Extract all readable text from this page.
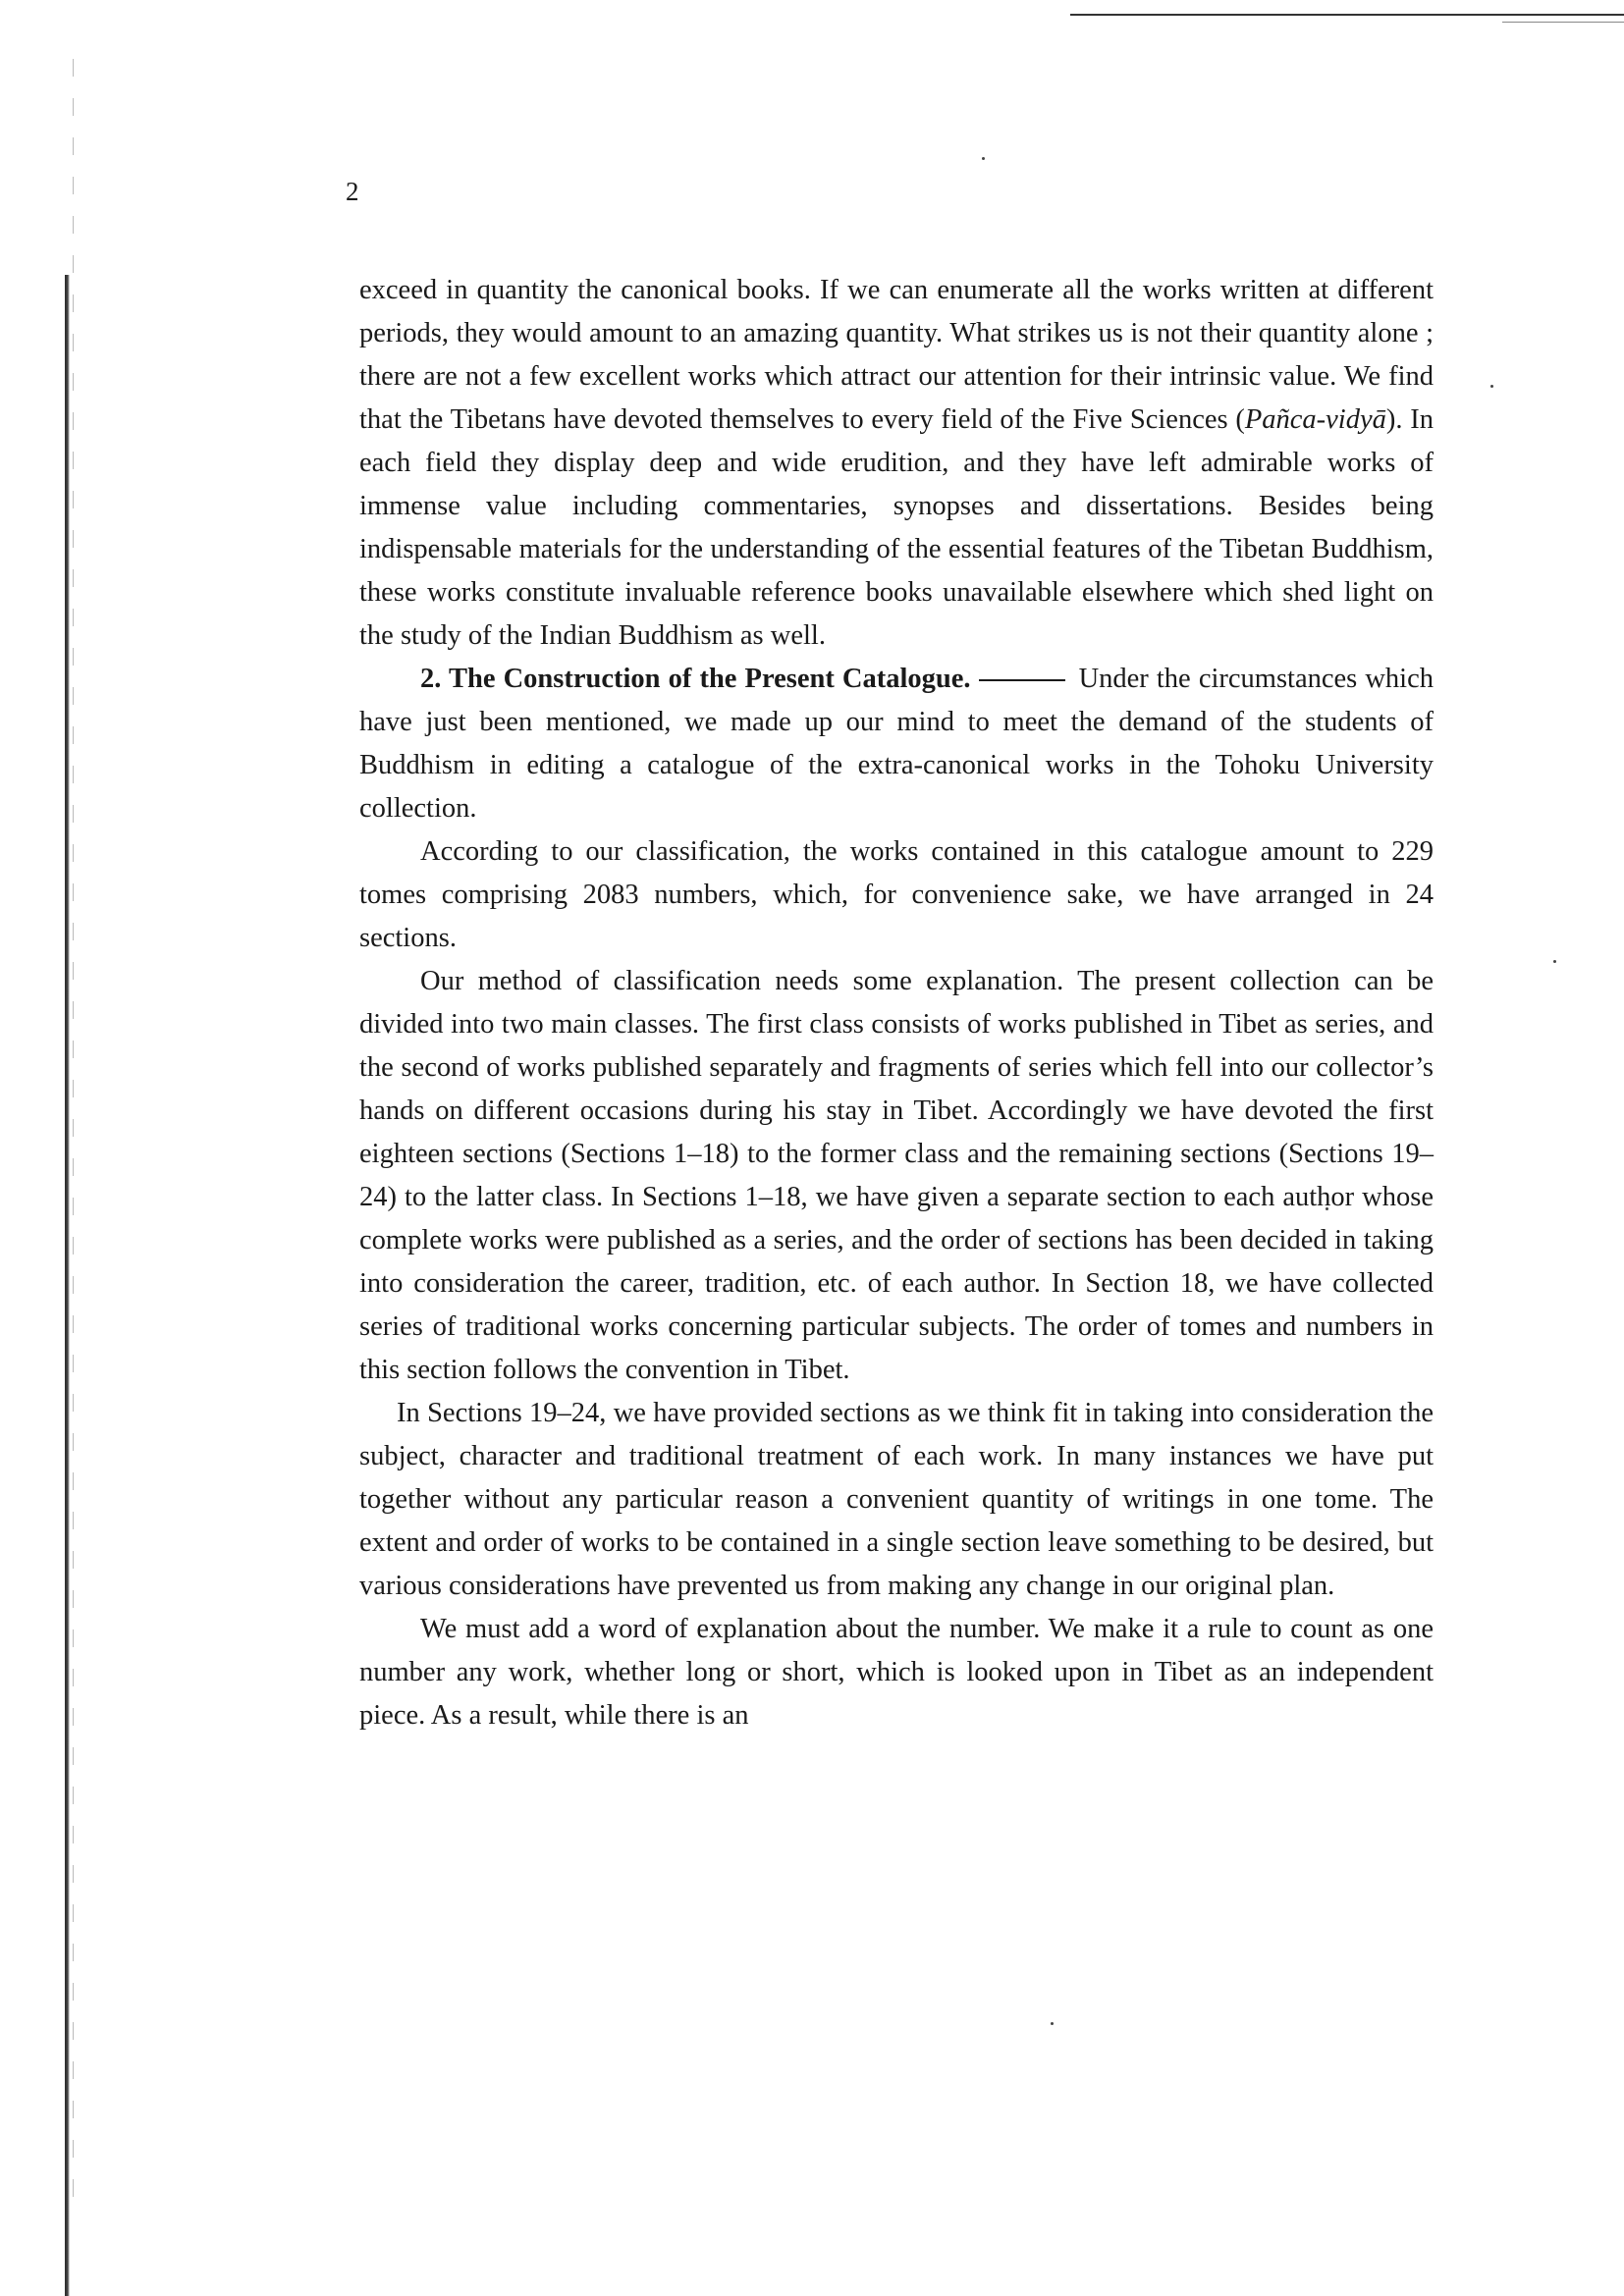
2

exceed in quantity the canonical books. If we can enumerate all the works written at different periods, they would amount to an amazing quantity. What strikes us is not their quantity alone ; there are not a few excellent works which attract our attention for their intrinsic value. We find that the Tibetans have devoted themselves to every field of the Five Sciences (Pañca-vidyā). In each field they display deep and wide erudition, and they have left admirable works of immense value including commentaries, synopses and dissertations. Besides being indispensable materials for the understanding of the essential features of the Tibetan Buddhism, these works constitute invaluable reference books unavailable elsewhere which shed light on the study of the Indian Buddhism as well.

2. The Construction of the Present Catalogue.	Under the circumstances which have just been mentioned, we made up our mind to meet the demand of the students of Buddhism in editing a catalogue of the extra-canonical works in the Tohoku University collection.

According to our classification, the works contained in this catalogue amount to 229 tomes comprising 2083 numbers, which, for convenience sake, we have arranged in 24 sections.

Our method of classification needs some explanation. The present collection can be divided into two main classes. The first class consists of works published in Tibet as series, and the second of works published separately and fragments of series which fell into our collector’s hands on different occasions during his stay in Tibet. Accordingly we have devoted the first eighteen sections (Sections 1–18) to the former class and the remaining sections (Sections 19–24) to the latter class. In Sections 1–18, we have given a separate section to each author whose complete works were published as a series, and the order of sections has been decided in taking into consideration the career, tradition, etc. of each author. In Section 18, we have collected series of traditional works concerning particular subjects. The order of tomes and numbers in this section follows the convention in Tibet.

In Sections 19–24, we have provided sections as we think fit in taking into consideration the subject, character and traditional treatment of each work. In many instances we have put together without any particular reason a convenient quantity of writings in one tome. The extent and order of works to be contained in a single section leave something to be desired, but various considerations have prevented us from making any change in our original plan.

We must add a word of explanation about the number. We make it a rule to count as one number any work, whether long or short, which is looked upon in Tibet as an independent piece. As a result, while there is an
